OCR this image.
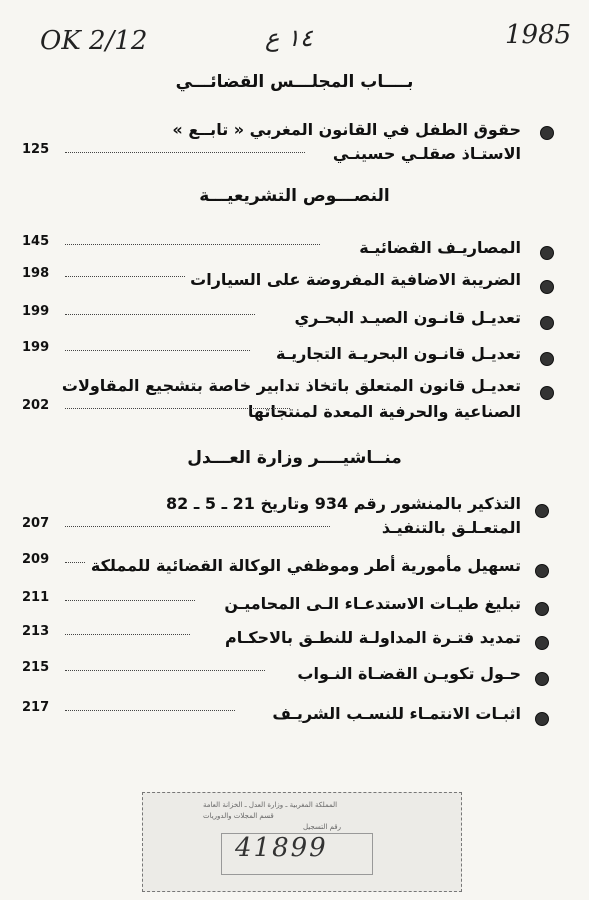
OK 2/12	١٤ ع	1985
بــــاب المجلـــس القضائـــي
النصـــوص التشريعيـــة
منــاشيــــر وزارة العـــدل
حقوق الطفل في القانون المغربي « تابــع »
الاستـاذ صقلـي حسينـي
125
المصاريـف القضائيـة
145
الضريبة الاضافية المفروضة على السيارات
198
تعديـل قانـون الصيـد البحـري
199
تعديـل قانـون البحريـة التجاريـة
199
تعديـل قانون المتعلق باتخاذ تدابير خاصة بتشجيع المقاولات
الصناعية والحرفية المعدة لمنتجاتها
202
التذكير بالمنشور رقم 934 وتاريخ 21 ـ 5 ـ 82
المتعـلـق بالتنفيـذ
207
تسهيل مأمورية أطر وموظفي الوكالة القضائية للمملكة
209
تبليغ طيـات الاستدعـاء الـى المحاميـن
211
تمديد فتـرة المداولـة للنطـق بالاحكـام
213
حـول تكويـن القضـاة النـواب
215
اثبـات الانتمـاء للنسـب الشريـف
217
المملكة المغربية ـ وزارة العدل ـ الخزانة العامة
قسم المجلات والدوريات
رقم التسجيل
41899
